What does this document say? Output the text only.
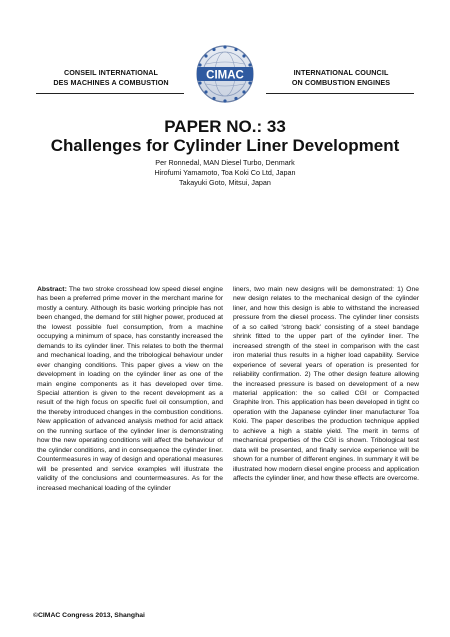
CONSEIL INTERNATIONAL
DES MACHINES A COMBUSTION
CIMAC	INTERNATIONAL COUNCIL
ON COMBUSTION ENGINES
PAPER NO.: 33
Challenges for Cylinder Liner Development
Per Ronnedal, MAN Diesel Turbo, Denmark
Hirofumi Yamamoto, Toa Koki Co Ltd, Japan
Takayuki Goto, Mitsui, Japan
Abstract: The two stroke crosshead low speed diesel engine has been a preferred prime mover in the merchant marine for mostly a century. Although its basic working principle has not been changed, the demand for still higher power, produced at the lowest possible fuel consumption, from a machine occupying a minimum of space, has constantly increased the demands to its cylinder liner. This relates to both the thermal and mechanical loading, and the tribological behaviour under ever changing conditions. This paper gives a view on the development in loading on the cylinder liner as one of the main engine components as it has developed over time. Special attention is given to the recent development as a result of the high focus on specific fuel oil consumption, and the thereby introduced changes in the combustion conditions. New application of advanced analysis method for acid attack on the running surface of the cylinder liner is demonstrating how the new operating conditions will affect the behaviour of the cylinder conditions, and in consequence the cylinder liner. Countermeasures in way of design and operational measures will be presented and service examples will illustrate the validity of the conclusions and countermeasures. As for the increased mechanical loading of the cylinder
liners, two main new designs will be demonstrated: 1) One new design relates to the mechanical design of the cylinder liner, and how this design is able to withstand the increased pressure from the diesel process. The cylinder liner consists of a so called ‘strong back’ consisting of a steel bandage shrink fitted to the upper part of the cylinder liner. The increased strength of the steel in comparison with the cast iron material thus results in a higher load capability. Service experience of several years of operation is presented for reliability confirmation. 2) The other design feature allowing the increased pressure is based on development of a new material application: the so called CGI or Compacted Graphite Iron. This application has been developed in tight co operation with the Japanese cylinder liner manufacturer Toa Koki. The paper describes the production technique applied to achieve a high a stable yield. The merit in terms of mechanical properties of the CGI is shown. Tribological test data will be presented, and finally service experience will be shown for a number of different engines. In summary it will be illustrated how modern diesel engine process and application affects the cylinder liner, and how these effects are overcome.
©CIMAC Congress 2013, Shanghai
